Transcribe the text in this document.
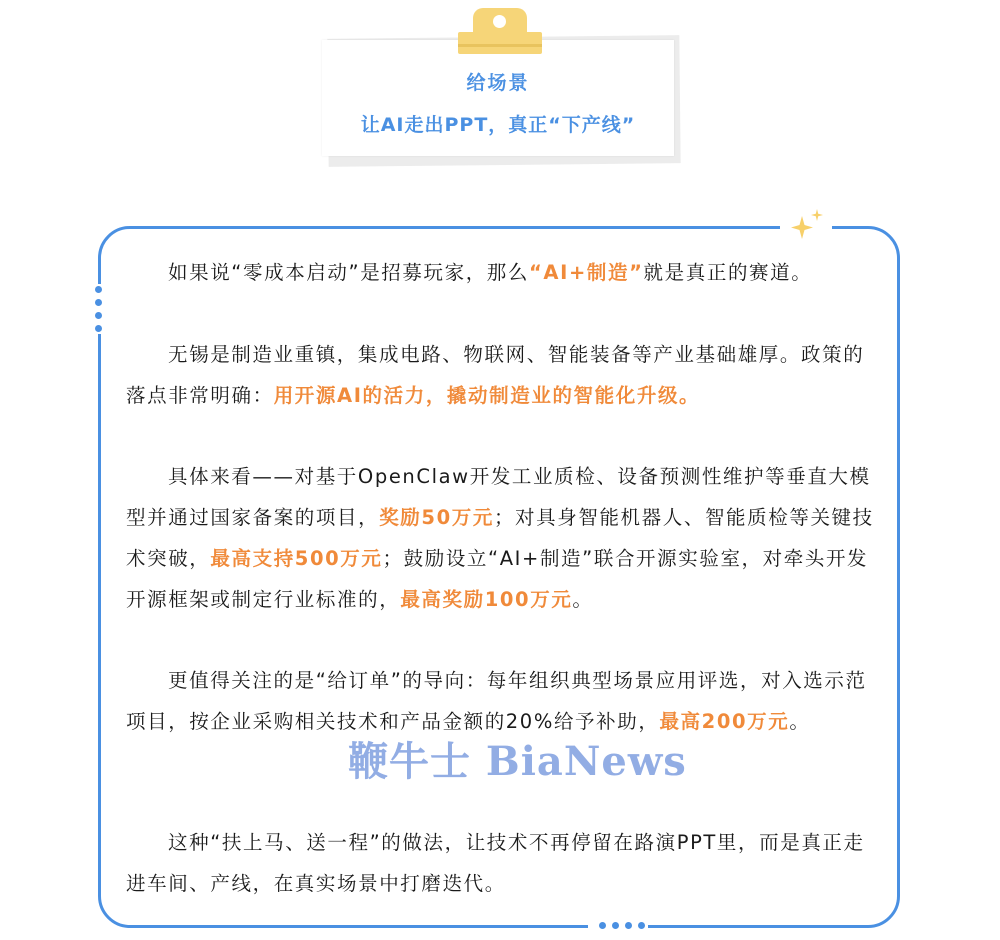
给场景
让AI走出PPT，真正“下产线”
如果说“零成本启动”是招募玩家，那么“AI+制造”就是真正的赛道。
无锡是制造业重镇，集成电路、物联网、智能装备等产业基础雄厚。政策的落点非常明确：用开源AI的活力，撬动制造业的智能化升级。
具体来看——对基于OpenClaw开发工业质检、设备预测性维护等垂直大模型并通过国家备案的项目，奖励50万元；对具身智能机器人、智能质检等关键技术突破，最高支持500万元；鼓励设立“AI+制造”联合开源实验室，对牵头开发开源框架或制定行业标准的，最高奖励100万元。
更值得关注的是“给订单”的导向：每年组织典型场景应用评选，对入选示范项目，按企业采购相关技术和产品金额的20%给予补助，最高200万元。
这种“扶上马、送一程”的做法，让技术不再停留在路演PPT里，而是真正走进车间、产线，在真实场景中打磨迭代。
鞭牛士 BiaNews
